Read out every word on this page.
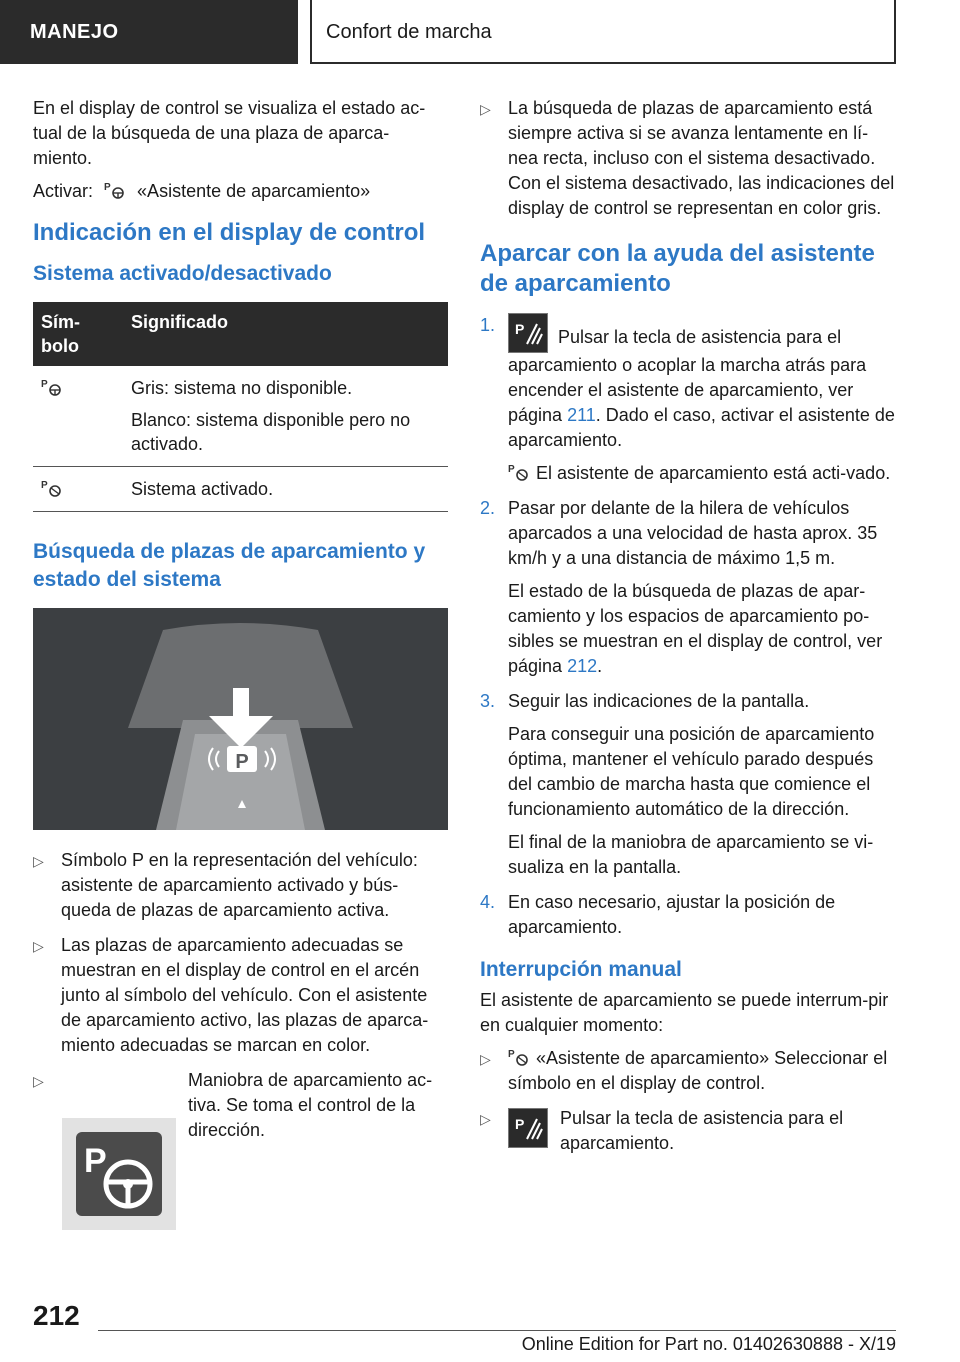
MANEJO	Confort de marcha

En el display de control se visualiza el estado ac-tual de la búsqueda de una plaza de aparca-miento.

Activar: P «Asistente de aparcamiento»

Indicación en el display de control
Sistema activado/desactivado
Sím-bolo	Significado

P	Gris: sistema no disponible.

Blanco: sistema disponible pero no activado.

P	Sistema activado.
Búsqueda de plazas de aparcamiento y estado del sistema
P
▷ Símbolo P en la representación del vehículo: asistente de aparcamiento activado y bús-queda de plazas de aparcamiento activa.
▷ Las plazas de aparcamiento adecuadas se muestran en el display de control en el arcén junto al símbolo del vehículo. Con el asistente de aparcamiento activo, las plazas de aparca-miento adecuadas se marcan en color.
▷	Maniobra de aparcamiento ac-tiva. Se toma el control de la dirección.
P
▷ La búsqueda de plazas de aparcamiento está siempre activa si se avanza lentamente en lí-nea recta, incluso con el sistema desactivado. Con el sistema desactivado, las indicaciones del display de control se representan en color gris.
Aparcar con la ayuda del asistente de aparcamiento
1. P Pulsar la tecla de asistencia para el aparcamiento o acoplar la marcha atrás para encender el asistente de aparcamiento, ver página 211. Dado el caso, activar el asistente de aparcamiento.

P El asistente de aparcamiento está acti-vado.

2. Pasar por delante de la hilera de vehículos aparcados a una velocidad de hasta aprox. 35 km/h y a una distancia de máximo 1,5 m.

El estado de la búsqueda de plazas de apar-camiento y los espacios de aparcamiento po-sibles se muestran en el display de control, ver página 212.

3. Seguir las indicaciones de la pantalla.

Para conseguir una posición de aparcamiento óptima, mantener el vehículo parado después del cambio de marcha hasta que comience el funcionamiento automático de la dirección.

El final de la maniobra de aparcamiento se vi-sualiza en la pantalla.

4. En caso necesario, ajustar la posición de aparcamiento.

Interrupción manual

El asistente de aparcamiento se puede interrum-pir en cualquier momento:

▷ P «Asistente de aparcamiento» Seleccionar el símbolo en el display de control.
▷ P Pulsar la tecla de asistencia para el aparcamiento.
212
Online Edition for Part no. 01402630888 - X/19
